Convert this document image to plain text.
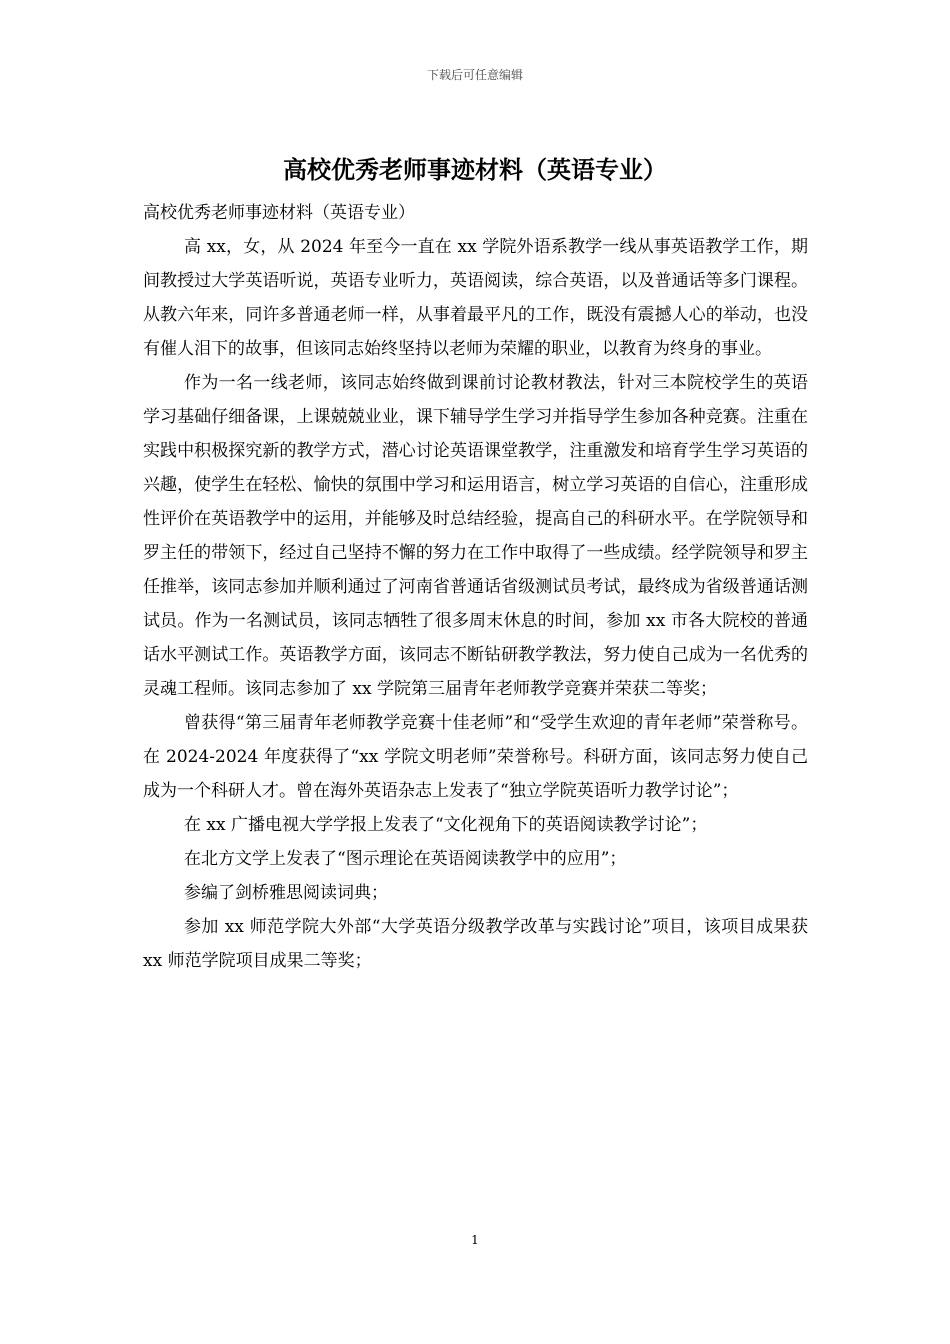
下载后可任意编辑
高校优秀老师事迹材料（英语专业）

高校优秀老师事迹材料（英语专业）

高 xx，女，从 2024 年至今一直在 xx 学院外语系教学一线从事英语教学工作，期间教授过大学英语听说，英语专业听力，英语阅读，综合英语，以及普通话等多门课程。从教六年来，同许多普通老师一样，从事着最平凡的工作，既没有震撼人心的举动，也没有催人泪下的故事，但该同志始终坚持以老师为荣耀的职业，以教育为终身的事业。

作为一名一线老师，该同志始终做到课前讨论教材教法，针对三本院校学生的英语学习基础仔细备课，上课兢兢业业，课下辅导学生学习并指导学生参加各种竞赛。注重在实践中积极探究新的教学方式，潜心讨论英语课堂教学，注重激发和培育学生学习英语的兴趣，使学生在轻松、愉快的氛围中学习和运用语言，树立学习英语的自信心，注重形成性评价在英语教学中的运用，并能够及时总结经验，提高自己的科研水平。在学院领导和罗主任的带领下，经过自己坚持不懈的努力在工作中取得了一些成绩。经学院领导和罗主任推举，该同志参加并顺利通过了河南省普通话省级测试员考试，最终成为省级普通话测试员。作为一名测试员，该同志牺牲了很多周末休息的时间，参加 xx 市各大院校的普通话水平测试工作。英语教学方面，该同志不断钻研教学教法，努力使自己成为一名优秀的灵魂工程师。该同志参加了 xx 学院第三届青年老师教学竞赛并荣获二等奖；

曾获得“第三届青年老师教学竞赛十佳老师”和“受学生欢迎的青年老师”荣誉称号。在 2024-2024 年度获得了“xx 学院文明老师”荣誉称号。科研方面，该同志努力使自己成为一个科研人才。曾在海外英语杂志上发表了“独立学院英语听力教学讨论”；

在 xx 广播电视大学学报上发表了“文化视角下的英语阅读教学讨论”；

在北方文学上发表了“图示理论在英语阅读教学中的应用”；

参编了剑桥雅思阅读词典；

参加 xx 师范学院大外部“大学英语分级教学改革与实践讨论”项目，该项目成果获 xx 师范学院项目成果二等奖；

1
